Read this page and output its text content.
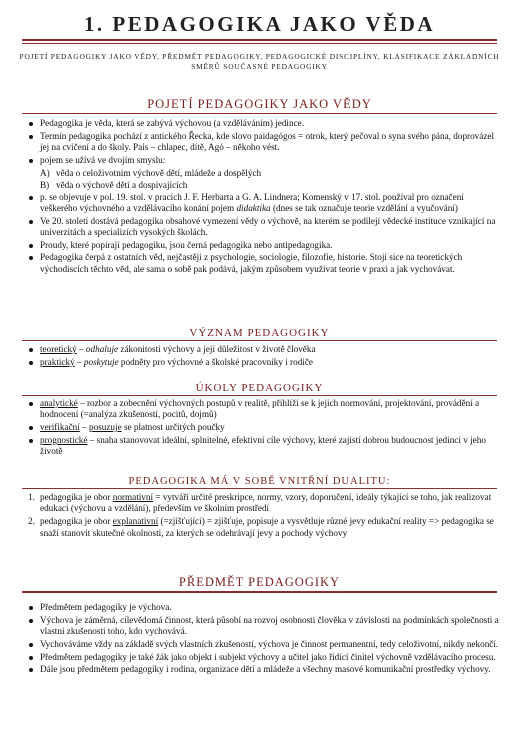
1. PEDAGOGIKA JAKO VĚDA
POJETÍ PEDAGOGIKY JAKO VĚDY, PŘEDMĚT PEDAGOGIKY, PEDAGOGICKÉ DISCIPLÍNY, KLASIFIKACE ZÁKLADNÍCH SMĚRŮ SOUČASNÉ PEDAGOGIKY
POJETÍ PEDAGOGIKY JAKO VĚDY
Pedagogika je věda, která se zabývá výchovou (a vzděláváním) jedince.
Termín pedagogika pochází z antického Řecka, kde slovo paidagógos = otrok, který pečoval o syna svého pána, doprovázel jej na cvičení a do školy. Pais – chlapec, dítě, Agó – někoho vést.
pojem se užívá ve dvojím smyslu:
A) věda o celoživotním výchově dětí, mládeže a dospělých
B) věda o výchově dětí a dospívajících
p. se objevuje v pol. 19. stol. v pracích J. F. Herbarta a G. A. Lindnera; Komenský v 17. stol. používal pro označení veškerého výchovného a vzdělávacího konání pojem didaktika (dnes se tak označuje teorie vzdělání a vyučování)
Ve 20. století dostává pedagogika obsahové vymezení vědy o výchově, na kterém se podílejí vědecké instituce vznikající na univerzitách a specializích vysokých školách.
Proudy, které popírají pedagogiku, jsou černá pedagogika nebo antipedagogika.
Pedagogika čerpá z ostatních věd, nejčastěji z psychologie, sociologie, filozofie, historie. Stojí sice na teoretických východiscích těchto věd, ale sama o sobě pak podává, jakým způsobem využívat teorie v praxi a jak vychovávat.
VÝZNAM PEDAGOGIKY
teoretický – odhaluje zákonitosti výchovy a její důležitost v životě člověka
praktický – poskytuje podněty pro výchovné a školské pracovníky i rodiče
ÚKOLY PEDAGOGIKY
analytické – rozbor a zobecnění výchovných postupů v realitě, přihlíží se k jejich normování, projektování, provádění a hodnocení (=analýza zkušeností, pocitů, dojmů)
verifikační – posuzuje se platnost určitých poučky
prognostické – snaha stanovovat ideální, splnitelné, efektivní cíle výchovy, které zajistí dobrou budoucnost jedinci v jeho životě
PEDAGOGIKA MÁ V SOBĚ VNITŘNÍ DUALITU:
1. pedagogika je obor normativní = vytváří určité preskripce, normy, vzory, doporučení, ideály týkající se toho, jak realizovat edukaci (výchovu a vzdělání), především ve školním prostředí
2. pedagogika je obor explanativní (=zjišťující) = zjišťuje, popisuje a vysvětluje různé jevy edukační reality => pedagogika se snaží stanovit skutečné okolnosti, za kterých se odehrávají jevy a pochody výchovy
PŘEDMĚT PEDAGOGIKY
Předmětem pedagogiky je výchova.
Výchova je záměrná, cílevědomá činnost, která působí na rozvoj osobnosti člověka v závislosti na podmínkách společnosti a vlastní zkušenosti toho, kdo vychovává.
Vychováváme vždy na základě svých vlastních zkušeností, výchova je činnost permanentní, tedy celoživotní, nikdy nekončí.
Předmětem pedagogiky je také žák jako objekt i subjekt výchovy a učitel jako řídící činitel výchovně vzdělávacího procesu.
Dále jsou předmětem pedagogiky i rodina, organizace dětí a mládeže a všechny masové komunikační prostředky výchovy.
